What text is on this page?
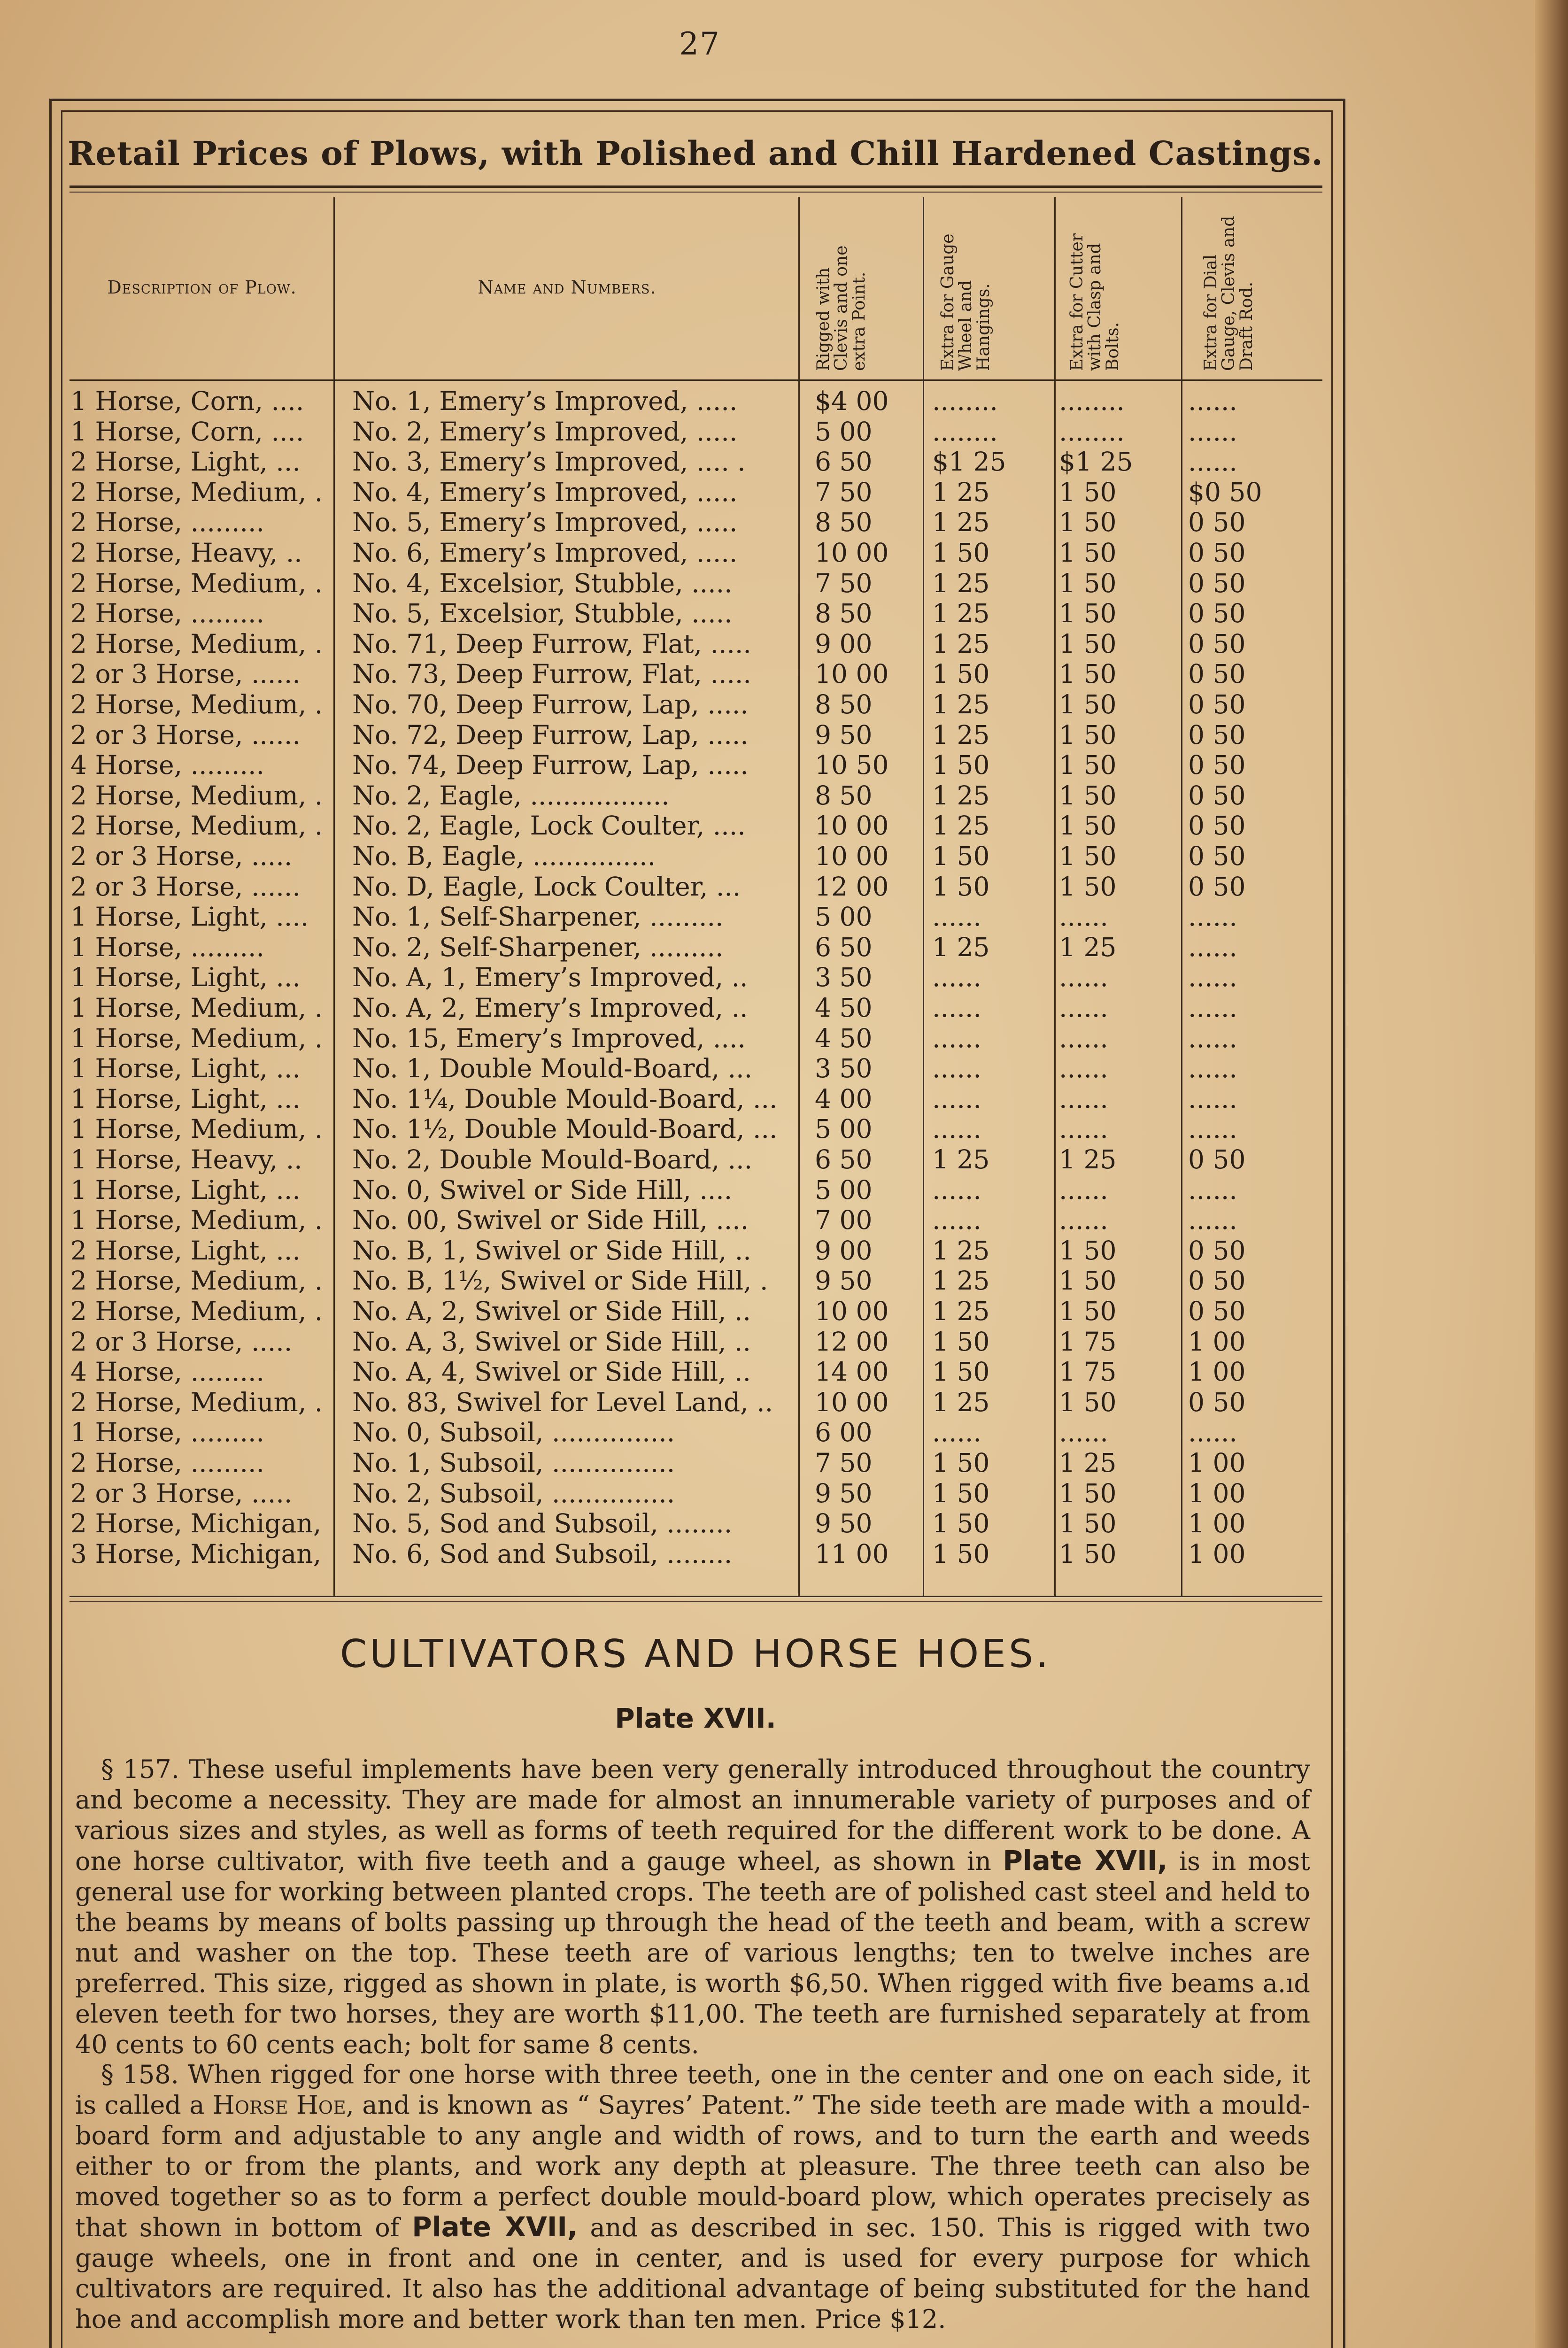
27
Retail Prices of Plows, with Polished and Chill Hardened Castings.
Description of Plow.	Name and Numbers.	Rigged with Clevis and one extra Point.	Extra for Gauge Wheel and Hangings.	Extra for Cutter with Clasp and Bolts.	Extra for Dial Gauge, Clevis and Draft Rod.
1 Horse, Corn, ....	No. 1, Emery’s Improved, .....	$4 00	........	........	......
1 Horse, Corn, ....	No. 2, Emery’s Improved, .....	5 00	........	........	......
2 Horse, Light, ...	No. 3, Emery’s Improved, .... .	6 50	$1 25	$1 25	......
2 Horse, Medium, .	No. 4, Emery’s Improved, .....	7 50	1 25	1 50	$0 50
2 Horse, .........	No. 5, Emery’s Improved, .....	8 50	1 25	1 50	0 50
2 Horse, Heavy, ..	No. 6, Emery’s Improved, .....	10 00	1 50	1 50	0 50
2 Horse, Medium, .	No. 4, Excelsior, Stubble, .....	7 50	1 25	1 50	0 50
2 Horse, .........	No. 5, Excelsior, Stubble, .....	8 50	1 25	1 50	0 50
2 Horse, Medium, .	No. 71, Deep Furrow, Flat, .....	9 00	1 25	1 50	0 50
2 or 3 Horse, ......	No. 73, Deep Furrow, Flat, .....	10 00	1 50	1 50	0 50
2 Horse, Medium, .	No. 70, Deep Furrow, Lap, .....	8 50	1 25	1 50	0 50
2 or 3 Horse, ......	No. 72, Deep Furrow, Lap, .....	9 50	1 25	1 50	0 50
4 Horse, .........	No. 74, Deep Furrow, Lap, .....	10 50	1 50	1 50	0 50
2 Horse, Medium, .	No. 2, Eagle, .................	8 50	1 25	1 50	0 50
2 Horse, Medium, .	No. 2, Eagle, Lock Coulter, ....	10 00	1 25	1 50	0 50
2 or 3 Horse, .....	No. B, Eagle, ...............	10 00	1 50	1 50	0 50
2 or 3 Horse, ......	No. D, Eagle, Lock Coulter, ...	12 00	1 50	1 50	0 50
1 Horse, Light, ....	No. 1, Self-Sharpener, .........	5 00	......	......	......
1 Horse, .........	No. 2, Self-Sharpener, .........	6 50	1 25	1 25	......
1 Horse, Light, ...	No. A, 1, Emery’s Improved, ..	3 50	......	......	......
1 Horse, Medium, .	No. A, 2, Emery’s Improved, ..	4 50	......	......	......
1 Horse, Medium, .	No. 15, Emery’s Improved, ....	4 50	......	......	......
1 Horse, Light, ...	No. 1, Double Mould-Board, ...	3 50	......	......	......
1 Horse, Light, ...	No. 1¼, Double Mould-Board, ...	4 00	......	......	......
1 Horse, Medium, .	No. 1½, Double Mould-Board, ...	5 00	......	......	......
1 Horse, Heavy, ..	No. 2, Double Mould-Board, ...	6 50	1 25	1 25	0 50
1 Horse, Light, ...	No. 0, Swivel or Side Hill, ....	5 00	......	......	......
1 Horse, Medium, .	No. 00, Swivel or Side Hill, ....	7 00	......	......	......
2 Horse, Light, ...	No. B, 1, Swivel or Side Hill, ..	9 00	1 25	1 50	0 50
2 Horse, Medium, .	No. B, 1½, Swivel or Side Hill, .	9 50	1 25	1 50	0 50
2 Horse, Medium, .	No. A, 2, Swivel or Side Hill, ..	10 00	1 25	1 50	0 50
2 or 3 Horse, .....	No. A, 3, Swivel or Side Hill, ..	12 00	1 50	1 75	1 00
4 Horse, .........	No. A, 4, Swivel or Side Hill, ..	14 00	1 50	1 75	1 00
2 Horse, Medium, .	No. 83, Swivel for Level Land, ..	10 00	1 25	1 50	0 50
1 Horse, .........	No. 0, Subsoil, ...............	6 00	......	......	......
2 Horse, .........	No. 1, Subsoil, ...............	7 50	1 50	1 25	1 00
2 or 3 Horse, .....	No. 2, Subsoil, ...............	9 50	1 50	1 50	1 00
2 Horse, Michigan,	No. 5, Sod and Subsoil, ........	9 50	1 50	1 50	1 00
3 Horse, Michigan,	No. 6, Sod and Subsoil, ........	11 00	1 50	1 50	1 00
CULTIVATORS AND HORSE HOES.
Plate XVII.
§ 157. These useful implements have been very generally introduced throughout the country and become a necessity. They are made for almost an innumerable variety of purposes and of various sizes and styles, as well as forms of teeth required for the different work to be done. A one horse cultivator, with five teeth and a gauge wheel, as shown in Plate XVII, is in most general use for working between planted crops. The teeth are of polished cast steel and held to the beams by means of bolts passing up through the head of the teeth and beam, with a screw nut and washer on the top. These teeth are of various lengths; ten to twelve inches are preferred. This size, rigged as shown in plate, is worth $6,50. When rigged with five beams a.ıd eleven teeth for two horses, they are worth $11,00. The teeth are furnished separately at from 40 cents to 60 cents each; bolt for same 8 cents.
§ 158. When rigged for one horse with three teeth, one in the center and one on each side, it is called a Horse Hoe, and is known as “ Sayres’ Patent.” The side teeth are made with a mould-board form and adjustable to any angle and width of rows, and to turn the earth and weeds either to or from the plants, and work any depth at pleasure. The three teeth can also be moved together so as to form a perfect double mould-board plow, which operates precisely as that shown in bottom of Plate XVII, and as described in sec. 150. This is rigged with two gauge wheels, one in front and one in center, and is used for every purpose for which cultivators are required. It also has the additional advantage of being substituted for the hand hoe and accomplish more and better work than ten men. Price $12.
